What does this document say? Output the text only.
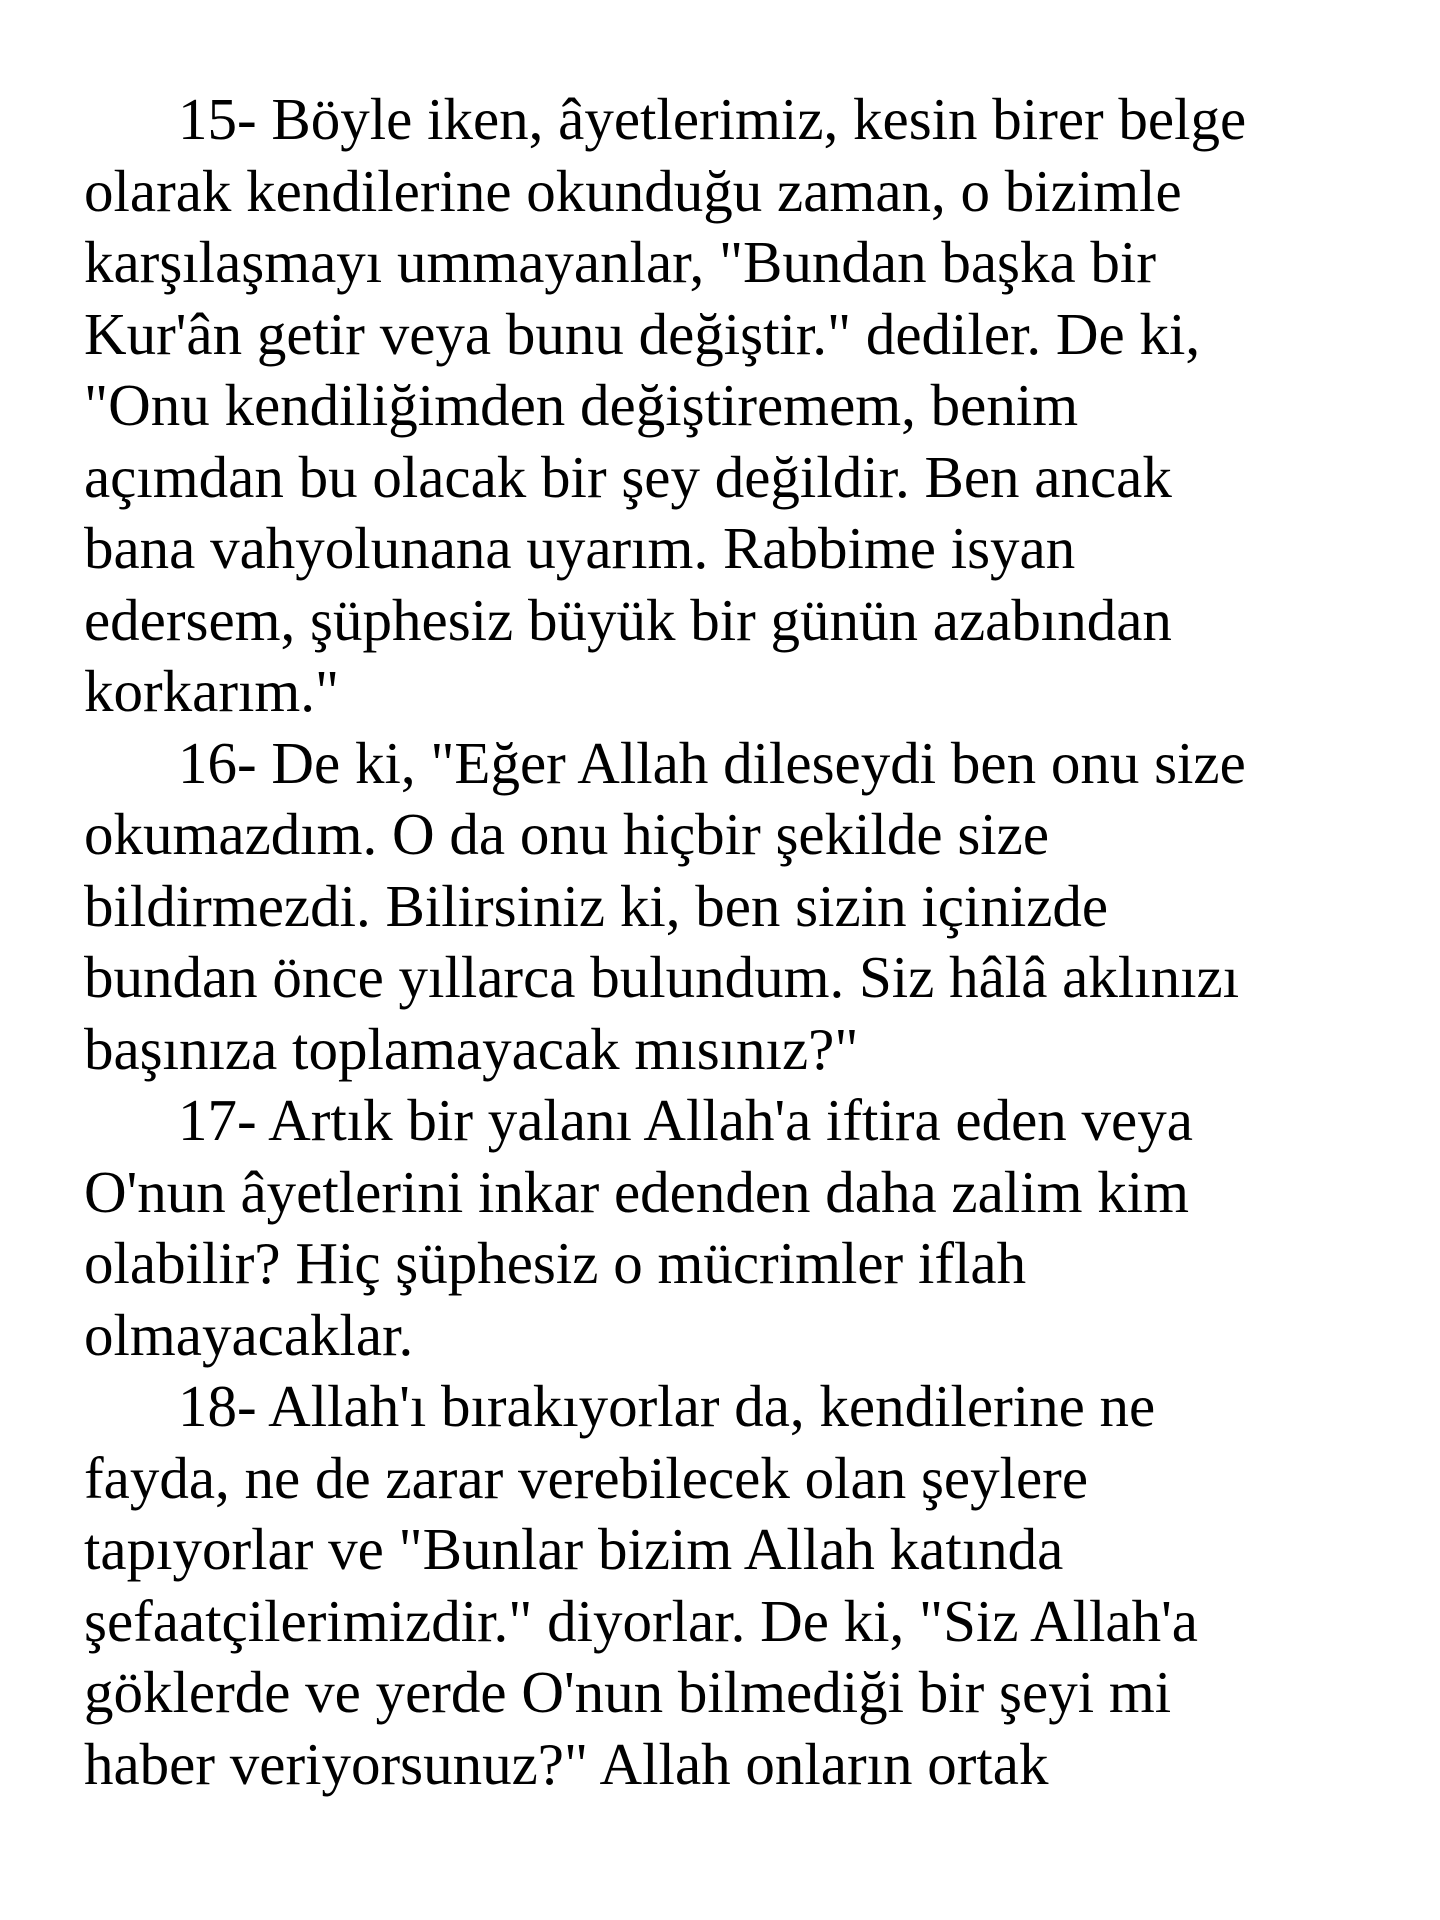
15- Böyle iken, âyetlerimiz, kesin birer belge
olarak kendilerine okunduğu zaman, o bizimle
karşılaşmayı ummayanlar, "Bundan başka bir
Kur'ân getir veya bunu değiştir." dediler. De ki,
"Onu kendiliğimden değiştiremem, benim
açımdan bu olacak bir şey değildir. Ben ancak
bana vahyolunana uyarım. Rabbime isyan
edersem, şüphesiz büyük bir günün azabından
korkarım."
16- De ki, "Eğer Allah dileseydi ben onu size
okumazdım. O da onu hiçbir şekilde size
bildirmezdi. Bilirsiniz ki, ben sizin içinizde
bundan önce yıllarca bulundum. Siz hâlâ aklınızı
başınıza toplamayacak mısınız?"
17- Artık bir yalanı Allah'a iftira eden veya
O'nun âyetlerini inkar edenden daha zalim kim
olabilir? Hiç şüphesiz o mücrimler iflah
olmayacaklar.
18- Allah'ı bırakıyorlar da, kendilerine ne
fayda, ne de zarar verebilecek olan şeylere
tapıyorlar ve "Bunlar bizim Allah katında
şefaatçilerimizdir." diyorlar. De ki, "Siz Allah'a
göklerde ve yerde O'nun bilmediği bir şeyi mi
haber veriyorsunuz?" Allah onların ortak
